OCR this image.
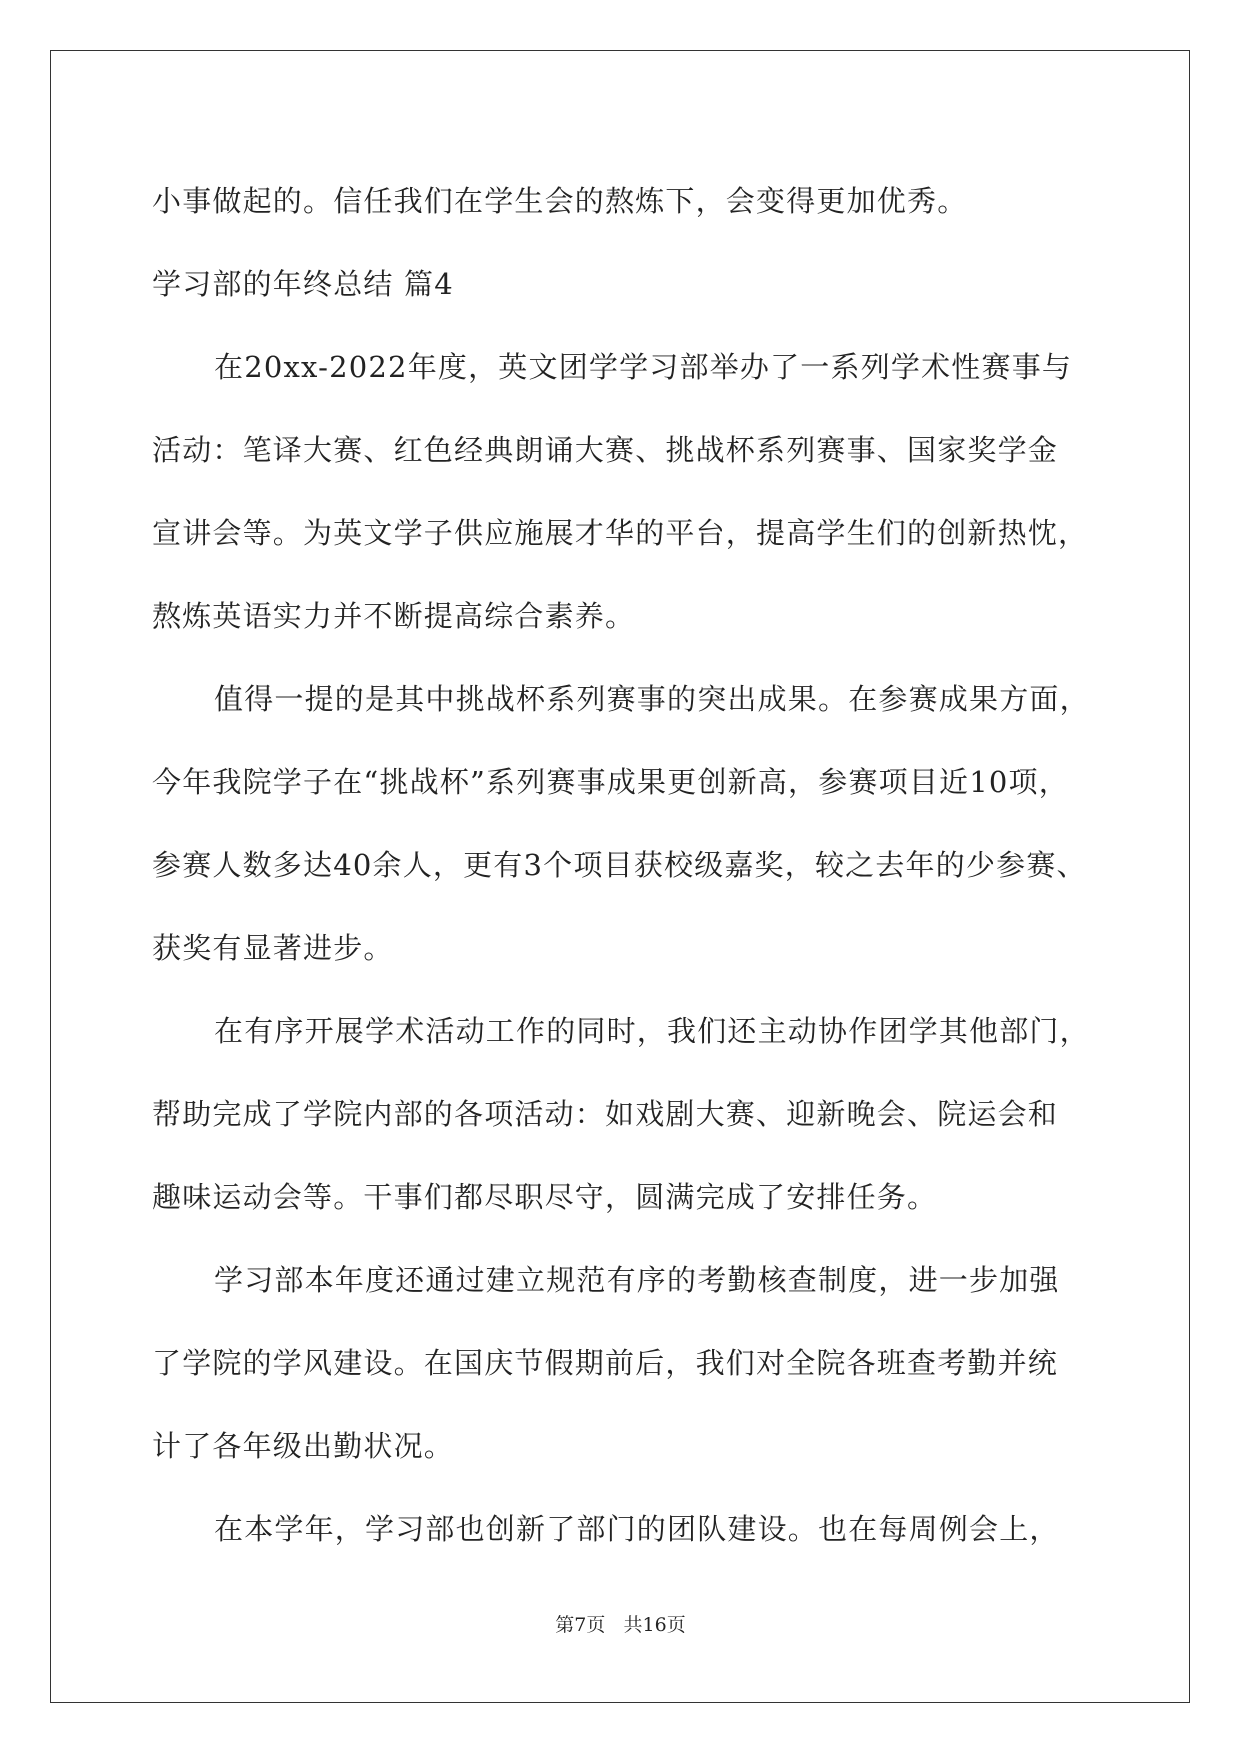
小事做起的。信任我们在学生会的熬炼下，会变得更加优秀。

学习部的年终总结 篇4

在20xx-2022年度，英文团学学习部举办了一系列学术性赛事与

活动：笔译大赛、红色经典朗诵大赛、挑战杯系列赛事、国家奖学金

宣讲会等。为英文学子供应施展才华的平台，提高学生们的创新热忱，

熬炼英语实力并不断提高综合素养。

值得一提的是其中挑战杯系列赛事的突出成果。在参赛成果方面，

今年我院学子在“挑战杯”系列赛事成果更创新高，参赛项目近10项，

参赛人数多达40余人，更有3个项目获校级嘉奖，较之去年的少参赛、

获奖有显著进步。

在有序开展学术活动工作的同时，我们还主动协作团学其他部门，

帮助完成了学院内部的各项活动：如戏剧大赛、迎新晚会、院运会和

趣味运动会等。干事们都尽职尽守，圆满完成了安排任务。

学习部本年度还通过建立规范有序的考勤核查制度，进一步加强

了学院的学风建设。在国庆节假期前后，我们对全院各班查考勤并统

计了各年级出勤状况。

在本学年，学习部也创新了部门的团队建设。也在每周例会上，

第7页 共16页
